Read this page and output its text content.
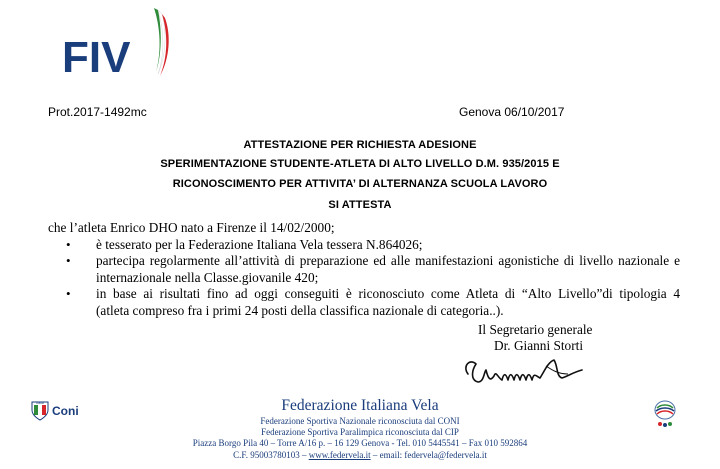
FIV
Prot.2017-1492mc	Genova 06/10/2017
ATTESTAZIONE PER RICHIESTA ADESIONE
SPERIMENTAZIONE STUDENTE-ATLETA DI ALTO LIVELLO D.M. 935/2015 E
RICONOSCIMENTO PER ATTIVITA’ DI ALTERNANZA SCUOLA LAVORO
SI ATTESTA
che l’atleta Enrico DHO nato a Firenze il 14/02/2000;
• è tesserato per la Federazione Italiana Vela tessera N.864026;
• partecipa regolarmente all’attività di preparazione ed alle manifestazioni agonistiche di livello nazionale e
internazionale nella Classe.giovanile 420;
• in base ai risultati fino ad oggi conseguiti è riconosciuto come Atleta di “Alto Livello”di tipologia 4
(atleta compreso fra i primi 24 posti della classifica nazionale di categoria..).
Il Segretario generale
Dr. Gianni Storti
Italia
Coni	Federazione Italiana Vela
Federazione Sportiva Nazionale riconosciuta dal CONI
Federazione Sportiva Paralimpica riconosciuta dal CIP
Piazza Borgo Pila 40 – Torre A/16 p. – 16 129 Genova - Tel. 010 5445541 – Fax 010 592864
C.F. 95003780103 – www.federvela.it – email: federvela@federvela.it
